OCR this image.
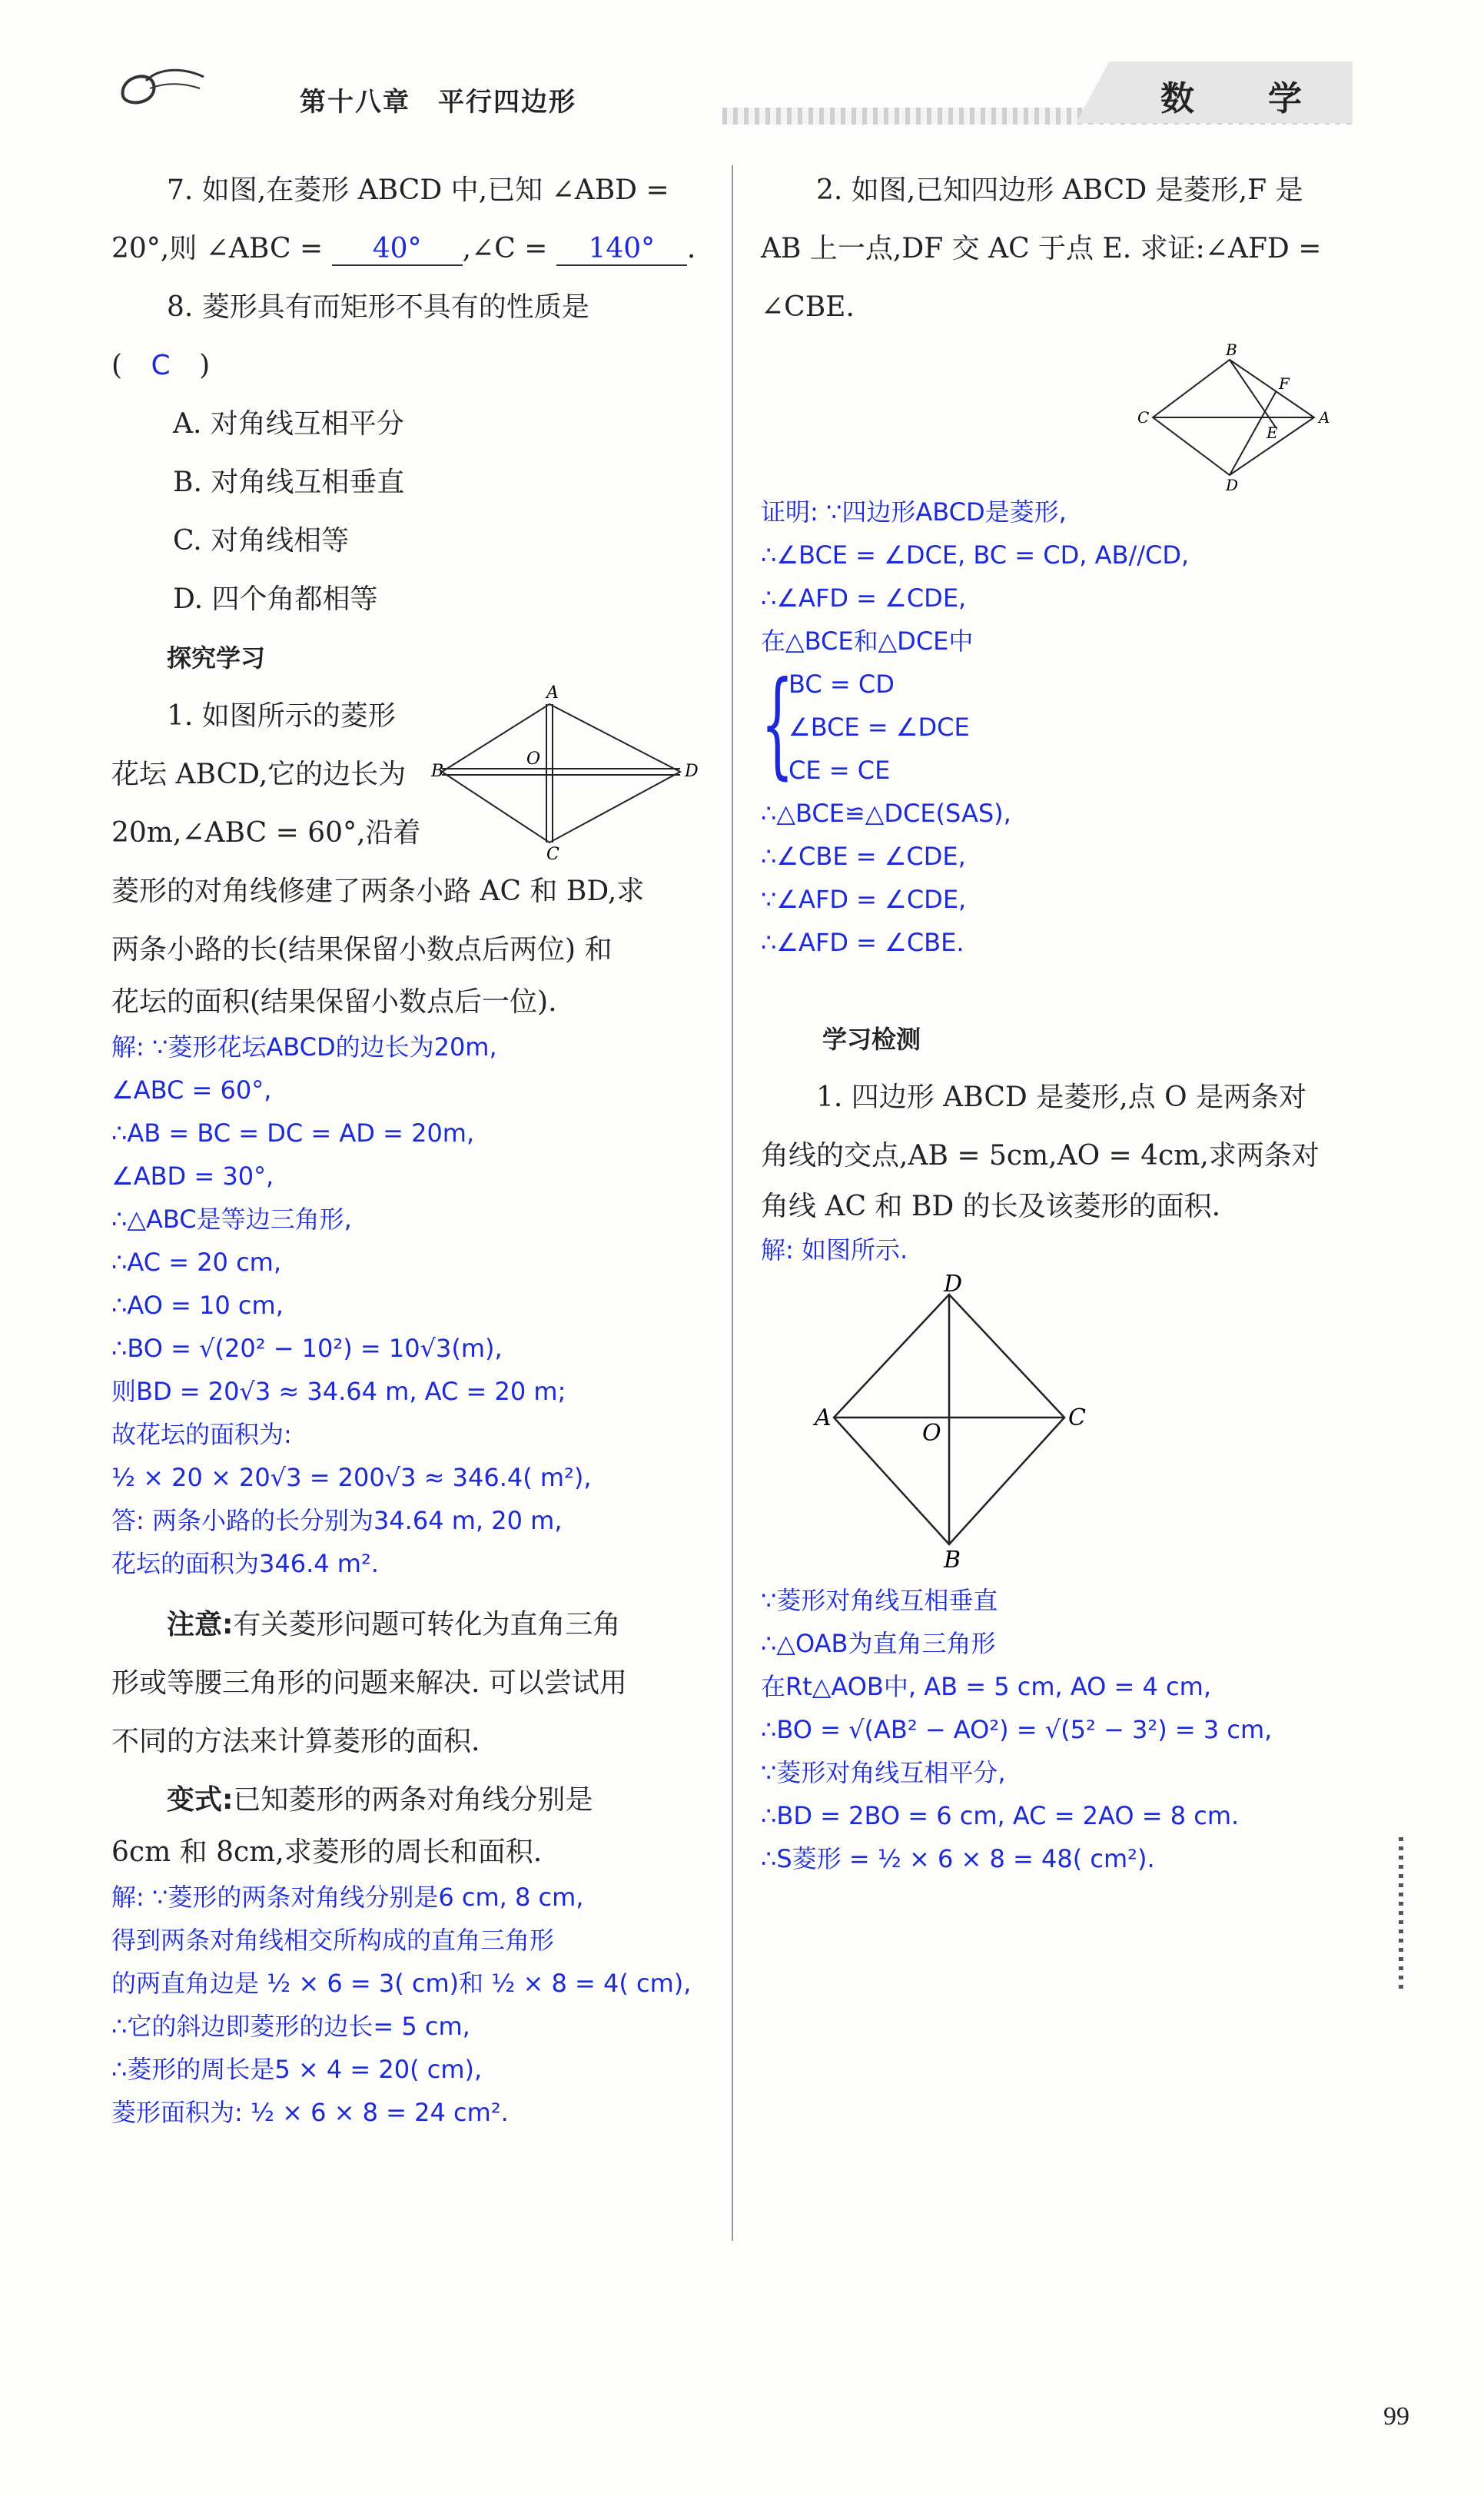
第十八章　平行四边形	数　学

7. 如图,在菱形 ABCD 中,已知 ∠ABD =

20°,则 ∠ABC = 40° ,∠C = 140° .

8. 菱形具有而矩形不具有的性质是

( C )

A. 对角线互相平分

B. 对角线互相垂直

C. 对角线相等

D. 四个角都相等

探究学习

1. 如图所示的菱形

花坛 ABCD,它的边长为

20m,∠ABC = 60°,沿着

A
B
C
D
O

菱形的对角线修建了两条小路 AC 和 BD,求

两条小路的长(结果保留小数点后两位) 和

花坛的面积(结果保留小数点后一位).

解: ∵菱形花坛ABCD的边长为20m,

∠ABC = 60°,

∴AB = BC = DC = AD = 20m,

∠ABD = 30°,

∴△ABC是等边三角形,

∴AC = 20 cm,

∴AO = 10 cm,

∴BO = √(20² − 10²) = 10√3(m),

则BD = 20√3 ≈ 34.64 m, AC = 20 m;

故花坛的面积为:

½ × 20 × 20√3 = 200√3 ≈ 346.4( m²),

答: 两条小路的长分别为34.64 m, 20 m,

花坛的面积为346.4 m².

注意:有关菱形问题可转化为直角三角

形或等腰三角形的问题来解决. 可以尝试用

不同的方法来计算菱形的面积.

变式:已知菱形的两条对角线分别是

6cm 和 8cm,求菱形的周长和面积.

解: ∵菱形的两条对角线分别是6 cm, 8 cm,

得到两条对角线相交所构成的直角三角形

的两直角边是 ½ × 6 = 3( cm)和 ½ × 8 = 4( cm),

∴它的斜边即菱形的边长= 5 cm,

∴菱形的周长是5 × 4 = 20( cm),

菱形面积为: ½ × 6 × 8 = 24 cm².

2. 如图,已知四边形 ABCD 是菱形,F 是

AB 上一点,DF 交 AC 于点 E. 求证:∠AFD =

∠CBE.

B
C	A
D
F
E

证明: ∵四边形ABCD是菱形,

∴∠BCE = ∠DCE, BC = CD, AB//CD,

∴∠AFD = ∠CDE,

在△BCE和△DCE中

{

BC = CD

∠BCE = ∠DCE

CE = CE

∴△BCE≌△DCE(SAS),

∴∠CBE = ∠CDE,

∵∠AFD = ∠CDE,

∴∠AFD = ∠CBE.

学习检测

1. 四边形 ABCD 是菱形,点 O 是两条对

角线的交点,AB = 5cm,AO = 4cm,求两条对

角线 AC 和 BD 的长及该菱形的面积.

解: 如图所示.

D
A	C
B
O

∵菱形对角线互相垂直

∴△OAB为直角三角形

在Rt△AOB中, AB = 5 cm, AO = 4 cm,

∴BO = √(AB² − AO²) = √(5² − 3²) = 3 cm,

∵菱形对角线互相平分,

∴BD = 2BO = 6 cm, AC = 2AO = 8 cm.

∴S菱形 = ½ × 6 × 8 = 48( cm²).

99
